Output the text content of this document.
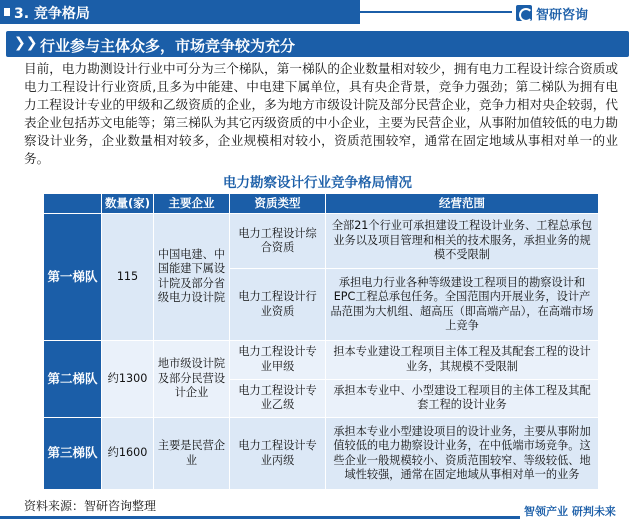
3. 竞争格局	智研咨询
❯❯ 行业参与主体众多，市场竞争较为充分

目前，电力勘测设计行业中可分为三个梯队，第一梯队的企业数量相对较少，拥有电力工程设计综合资质或电力工程设计行业资质,且多为中能建、中电建下属单位，具有央企背景，竞争力强劲；第二梯队为拥有电力工程设计专业的甲级和乙级资质的企业，多为地方市级设计院及部分民营企业，竞争力相对央企较弱，代表企业包括苏文电能等；第三梯队为其它丙级资质的中小企业，主要为民营企业，从事附加值较低的电力勘察设计业务，企业数量相对较多，企业规模相对较小，资质范围较窄，通常在固定地域从事相对单一的业务。

电力勘察设计行业竞争格局情况
	数量(家)	主要企业	资质类型	经营范围
第一梯队	115	中国电建、中国能建下属设计院及部分省级电力设计院	电力工程设计综合资质	全部21个行业可承担建设工程设计业务、工程总承包业务以及项目管理和相关的技术服务，承担业务的规模不受限制
			电力工程设计行业资质	承担电力行业各种等级建设工程项目的勘察设计和EPC工程总承包任务。全国范围内开展业务，设计产品范围为大机组、超高压（即高端产品），在高端市场上竞争
第二梯队	约1300	地市级设计院及部分民营设计企业	电力工程设计专业甲级	担本专业建设工程项目主体工程及其配套工程的设计业务，其规模不受限制
			电力工程设计专业乙级	承担本专业中、小型建设工程项目的主体工程及其配套工程的设计业务
第三梯队	约1600	主要是民营企业	电力工程设计专业丙级	承担本专业小型建设项目的设计业务，主要从事附加值较低的电力勘察设计业务，在中低端市场竞争。这些企业一般规模较小、资质范围较窄、等级较低、地域性较强，通常在固定地域从事相对单一的业务
资料来源：智研咨询整理	智领产业 研判未来
